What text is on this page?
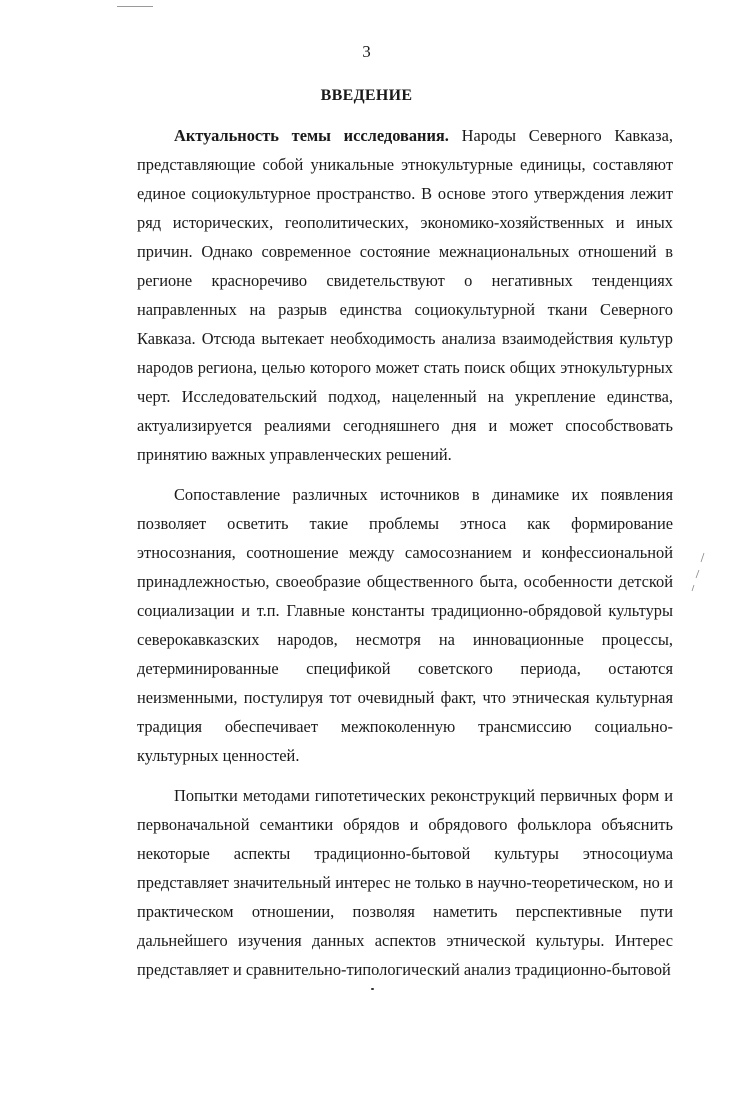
3
ВВЕДЕНИЕ

Актуальность темы исследования. Народы Северного Кавказа, представляющие собой уникальные этнокультурные единицы, составляют единое социокультурное пространство. В основе этого утверждения лежит ряд исторических, геополитических, экономико-хозяйственных и иных причин. Однако современное состояние межнациональных отношений в регионе красноречиво свидетельствуют о негативных тенденциях направленных на разрыв единства социокультурной ткани Северного Кавказа. Отсюда вытекает необходимость анализа взаимодействия культур народов региона, целью которого может стать поиск общих этнокультурных черт. Исследовательский подход, нацеленный на укрепление единства, актуализируется реалиями сегодняшнего дня и может способствовать принятию важных управленческих решений.

Сопоставление различных источников в динамике их появления позволяет осветить такие проблемы этноса как формирование этносознания, соотношение между самосознанием и конфессиональной принадлежностью, своеобразие общественного быта, особенности детской социализации и т.п. Главные константы традиционно-обрядовой культуры северокавказских народов, несмотря на инновационные процессы, детерминированные спецификой советского периода, остаются неизменными, постулируя тот очевидный факт, что этническая культурная традиция обеспечивает межпоколенную трансмиссию социально-культурных ценностей.

Попытки методами гипотетических реконструкций первичных форм и первоначальной семантики обрядов и обрядового фольклора объяснить некоторые аспекты традиционно-бытовой культуры этносоциума представляет значительный интерес не только в научно-теоретическом, но и практическом отношении, позволяя наметить перспективные пути дальнейшего изучения данных аспектов этнической культуры. Интерес представляет и сравнительно-типологический анализ традиционно-бытовой
